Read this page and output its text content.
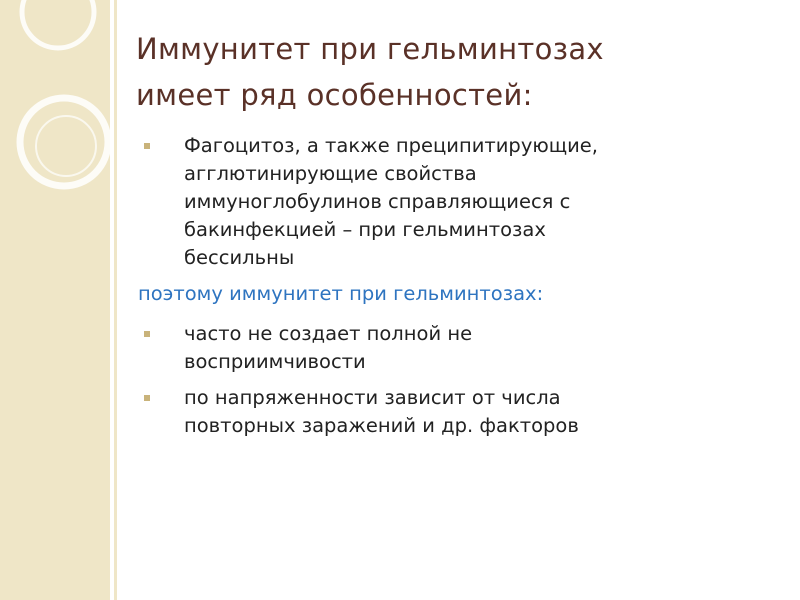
Иммунитет при гельминтозах
имеет ряд особенностей:
Фагоцитоз, а также преципитирующие,
агглютинирующие свойства
иммуноглобулинов справляющиеся с
бакинфекцией – при гельминтозах
бессильны
поэтому иммунитет при гельминтозах:
часто не создает полной не
восприимчивости
по напряженности зависит от числа
повторных заражений и др. факторов
